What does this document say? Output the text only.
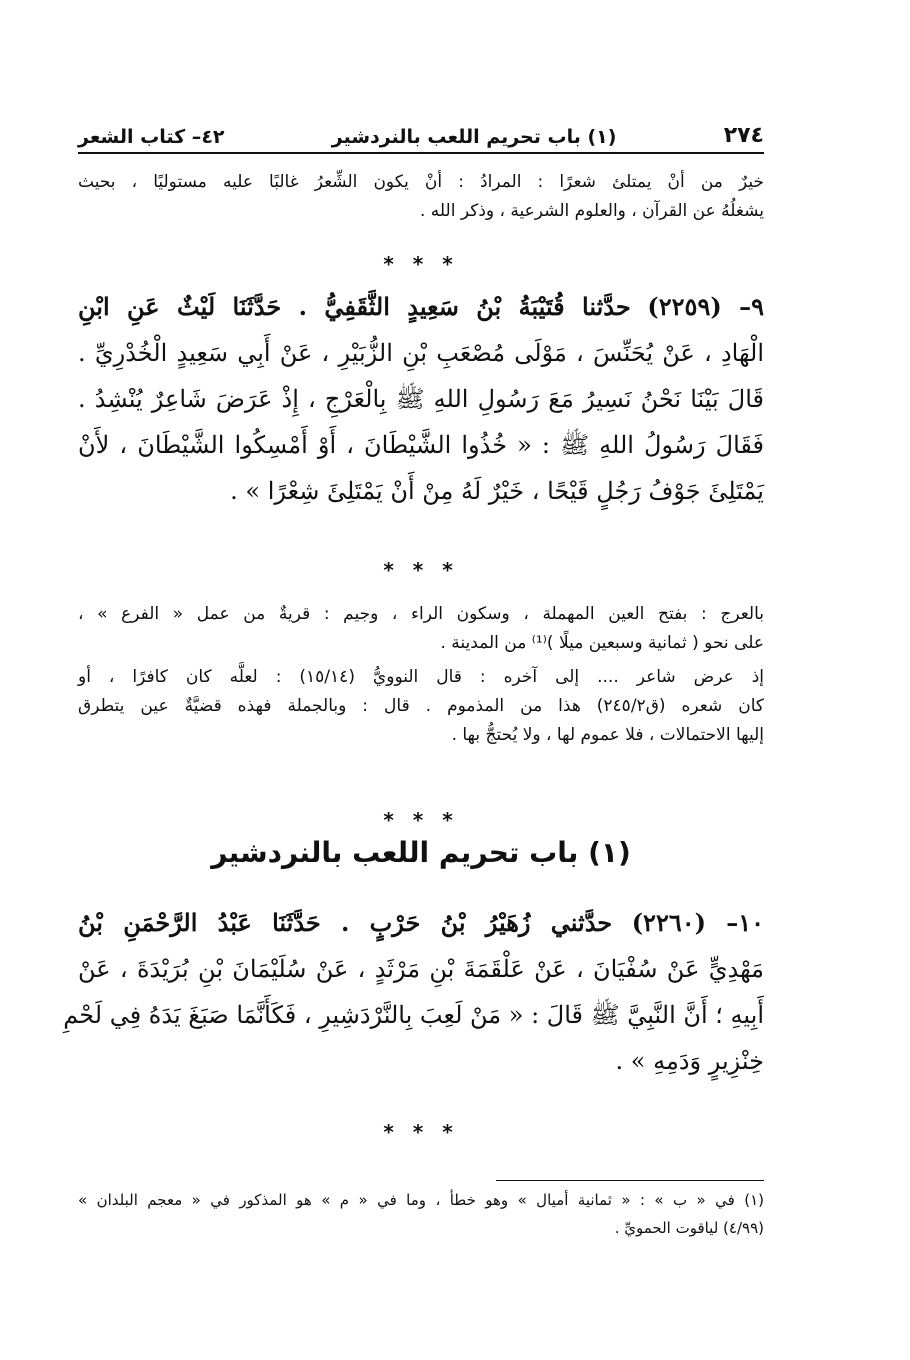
٢٧٤
(١) باب تحريم اللعب بالنردشير
٤٢– كتاب الشعر
خيرٌ من أنْ يمتلئ شعرًا : المرادُ : أنْ يكون الشِّعرُ غالبًا عليه مستوليًا ، بحيث
يشغلُهُ عن القرآن ، والعلوم الشرعية ، وذكر الله .
* * *
٩– (٢٢٥٩) حدَّثنا قُتَيْبَةُ بْنُ سَعِيدٍ الثَّقَفِيُّ . حَدَّثَنَا لَيْثٌ عَنِ ابْنِ
الْهَادِ ، عَنْ يُحَنِّسَ ، مَوْلَى مُصْعَبِ بْنِ الزُّبَيْرِ ، عَنْ أَبِي سَعِيدٍ الْخُدْرِيِّ .
قَالَ بَيْنَا نَحْنُ نَسِيرُ مَعَ رَسُولِ اللهِ ﷺ بِالْعَرْجِ ، إِذْ عَرَضَ شَاعِرٌ يُنْشِدُ .
فَقَالَ رَسُولُ اللهِ ﷺ : « خُذُوا الشَّيْطَانَ ، أَوْ أَمْسِكُوا الشَّيْطَانَ ، لأَنْ
يَمْتَلِئَ جَوْفُ رَجُلٍ قَيْحًا ، خَيْرٌ لَهُ مِنْ أَنْ يَمْتَلِئَ شِعْرًا » .
* * *
بالعرج : بفتح العين المهملة ، وسكون الراء ، وجيم : قريةٌ من عمل « الفرع » ،
على نحو ( ثمانية وسبعين ميلًا )⁽¹⁾ من المدينة .
إذ عرض شاعر .... إلى آخره : قال النوويُّ (١٥/١٤) : لعلَّه كان كافرًا ، أو
كان شعره (ق٢٤٥/٢) هذا من المذموم . قال : وبالجملة فهذه قضيَّةٌ عين يتطرق
إليها الاحتمالات ، فلا عموم لها ، ولا يُحتجُّ بها .
* * *
(١) باب تحريم اللعب بالنردشير
١٠– (٢٢٦٠) حدَّثني زُهَيْرُ بْنُ حَرْبٍ . حَدَّثَنَا عَبْدُ الرَّحْمَنِ بْنُ
مَهْدِيٍّ عَنْ سُفْيَانَ ، عَنْ عَلْقَمَةَ بْنِ مَرْثَدٍ ، عَنْ سُلَيْمَانَ بْنِ بُرَيْدَةَ ، عَنْ
أَبِيهِ ؛ أَنَّ النَّبِيَّ ﷺ قَالَ : « مَنْ لَعِبَ بِالنَّرْدَشِيرِ ، فَكَأَنَّمَا صَبَغَ يَدَهُ فِي لَحْمِ
خِنْزِيرٍ وَدَمِهِ » .
* * *
(١) في « ب » : « ثمانية أميال » وهو خطأ ، وما في « م » هو المذكور في « معجم البلدان »
(٤/٩٩) لياقوت الحمويِّ .
